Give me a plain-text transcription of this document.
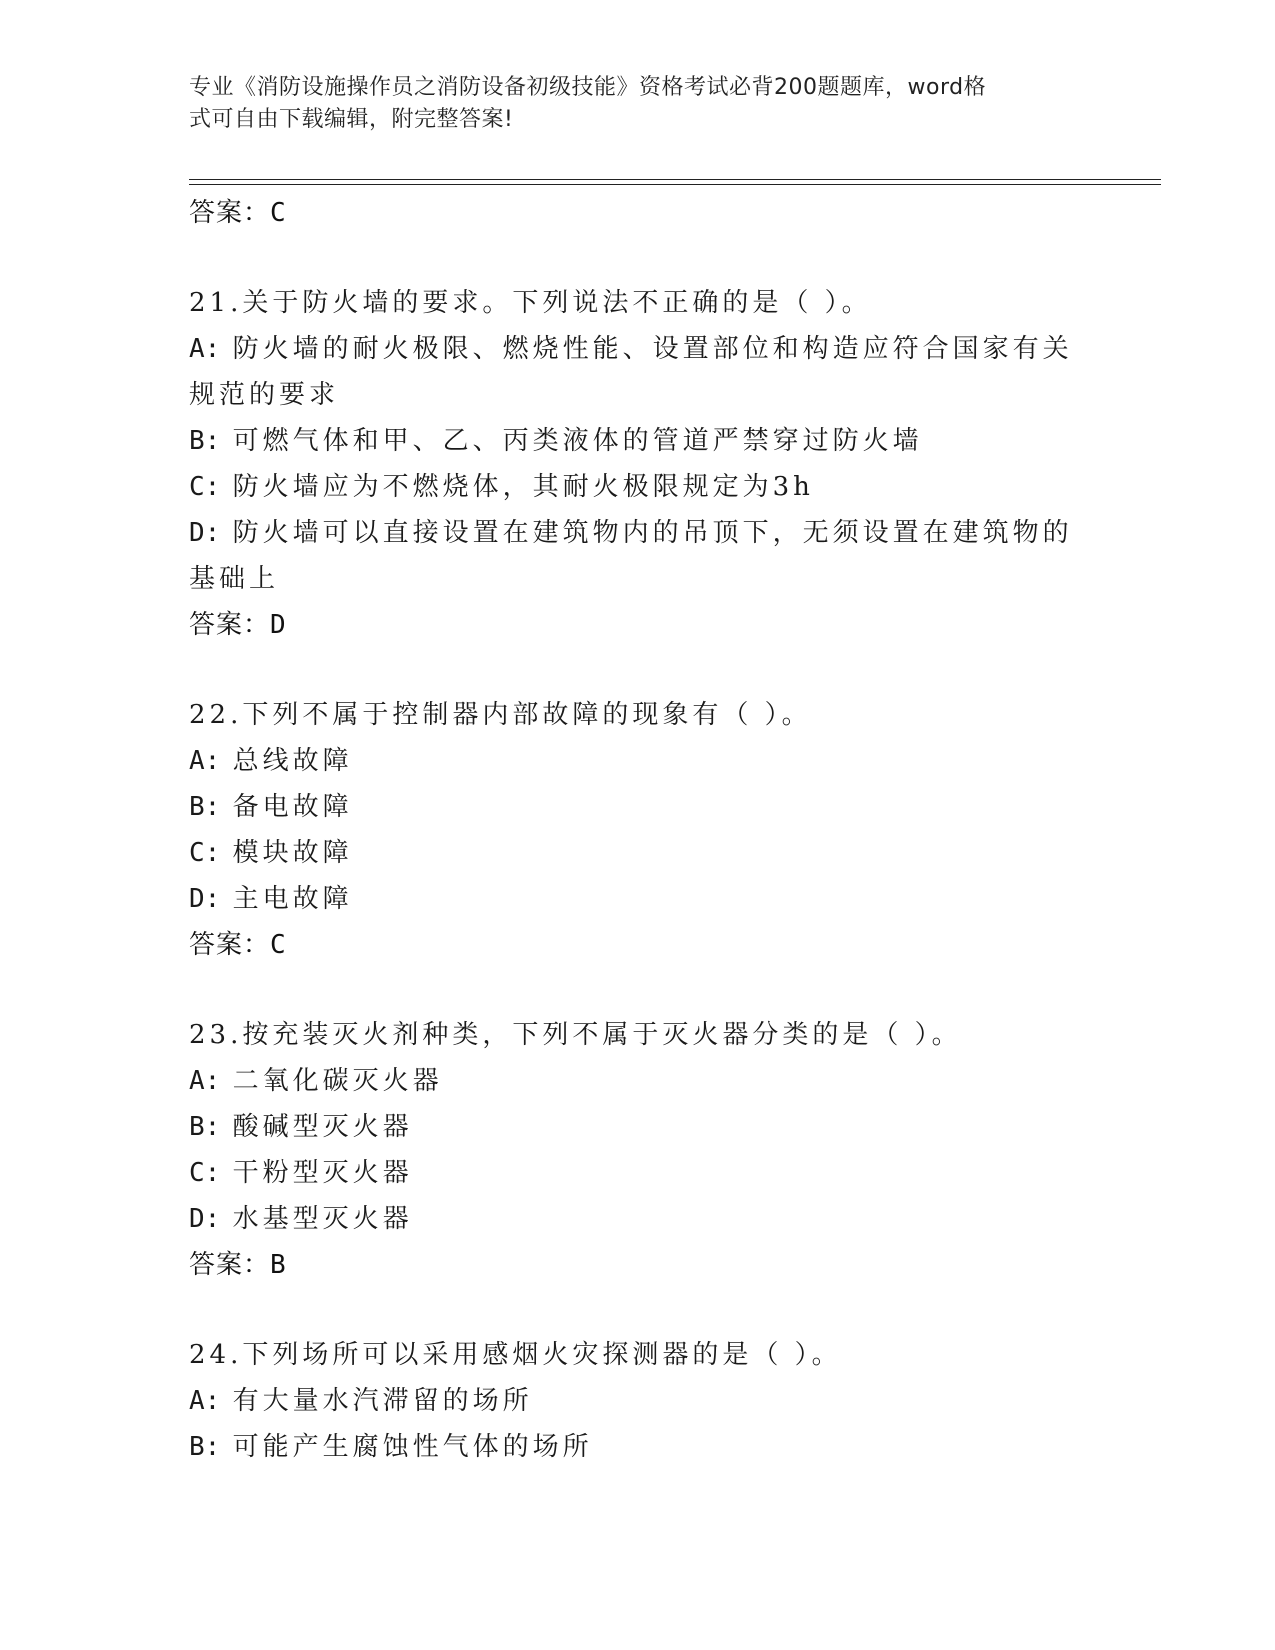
专业《消防设施操作员之消防设备初级技能》资格考试必背200题题库，word格
式可自由下载编辑，附完整答案!
答案：C
21.关于防火墙的要求。下列说法不正确的是（ ）。
A: 防火墙的耐火极限、燃烧性能、设置部位和构造应符合国家有关规范的要求
B: 可燃气体和甲、乙、丙类液体的管道严禁穿过防火墙
C: 防火墙应为不燃烧体，其耐火极限规定为3h
D: 防火墙可以直接设置在建筑物内的吊顶下，无须设置在建筑物的基础上
答案：D
22.下列不属于控制器内部故障的现象有（ ）。
A: 总线故障
B: 备电故障
C: 模块故障
D: 主电故障
答案：C
23.按充装灭火剂种类，下列不属于灭火器分类的是（ ）。
A: 二氧化碳灭火器
B: 酸碱型灭火器
C: 干粉型灭火器
D: 水基型灭火器
答案：B
24.下列场所可以采用感烟火灾探测器的是（ ）。
A: 有大量水汽滞留的场所
B: 可能产生腐蚀性气体的场所
